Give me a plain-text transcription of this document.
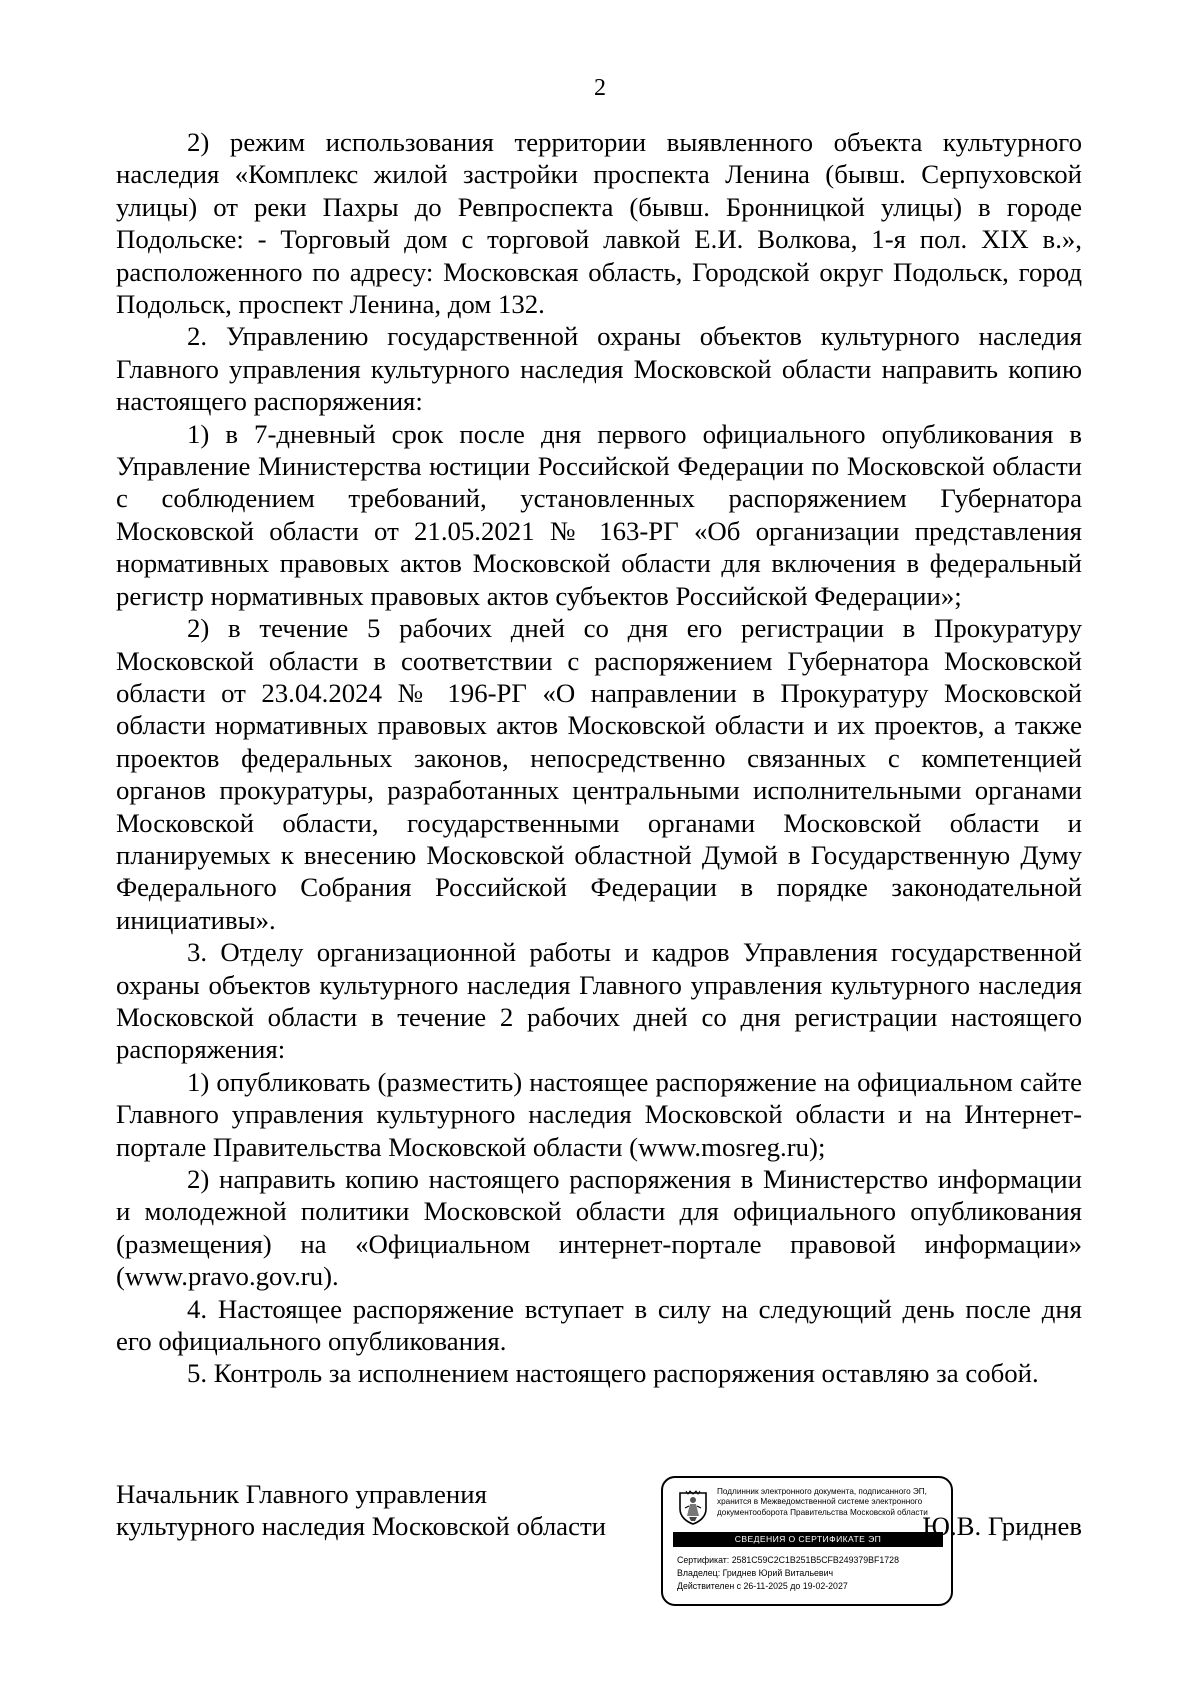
2

2) режим использования территории выявленного объекта культурного наследия «Комплекс жилой застройки проспекта Ленина (бывш. Серпуховской улицы) от реки Пахры до Ревпроспекта (бывш. Бронницкой улицы) в городе Подольске: - Торговый дом с торговой лавкой Е.И. Волкова, 1-я пол. XIX в.», расположенного по адресу: Московская область, Городской округ Подольск, город Подольск, проспект Ленина, дом 132.

2. Управлению государственной охраны объектов культурного наследия Главного управления культурного наследия Московской области направить копию настоящего распоряжения:

1) в 7-дневный срок после дня первого официального опубликования в Управление Министерства юстиции Российской Федерации по Московской области с соблюдением требований, установленных распоряжением Губернатора Московской области от 21.05.2021 № 163-РГ «Об организации представления нормативных правовых актов Московской области для включения в федеральный регистр нормативных правовых актов субъектов Российской Федерации»;

2) в течение 5 рабочих дней со дня его регистрации в Прокуратуру Московской области в соответствии с распоряжением Губернатора Московской области от 23.04.2024 № 196-РГ «О направлении в Прокуратуру Московской области нормативных правовых актов Московской области и их проектов, а также проектов федеральных законов, непосредственно связанных с компетенцией органов прокуратуры, разработанных центральными исполнительными органами Московской области, государственными органами Московской области и планируемых к внесению Московской областной Думой в Государственную Думу Федерального Собрания Российской Федерации в порядке законодательной инициативы».

3. Отделу организационной работы и кадров Управления государственной охраны объектов культурного наследия Главного управления культурного наследия Московской области в течение 2 рабочих дней со дня регистрации настоящего распоряжения:

1) опубликовать (разместить) настоящее распоряжение на официальном сайте Главного управления культурного наследия Московской области и на Интернет-портале Правительства Московской области (www.mosreg.ru);

2) направить копию настоящего распоряжения в Министерство информации и молодежной политики Московской области для официального опубликования (размещения) на «Официальном интернет-портале правовой информации» (www.pravo.gov.ru).

4. Настоящее распоряжение вступает в силу на следующий день после дня его официального опубликования.

5. Контроль за исполнением настоящего распоряжения оставляю за собой.

Начальник Главного управления
культурного наследия Московской области
Подлинник электронного документа, подписанного ЭП,
хранится в Межведомственной системе электронного
документооборота Правительства Московской области
СВЕДЕНИЯ О СЕРТИФИКАТЕ ЭП
Сертификат: 2581C59C2C1B251B5CFB249379BF1728
Владелец: Гриднев Юрий Витальевич
Действителен с 26-11-2025 до 19-02-2027
Ю.В. Гриднев
